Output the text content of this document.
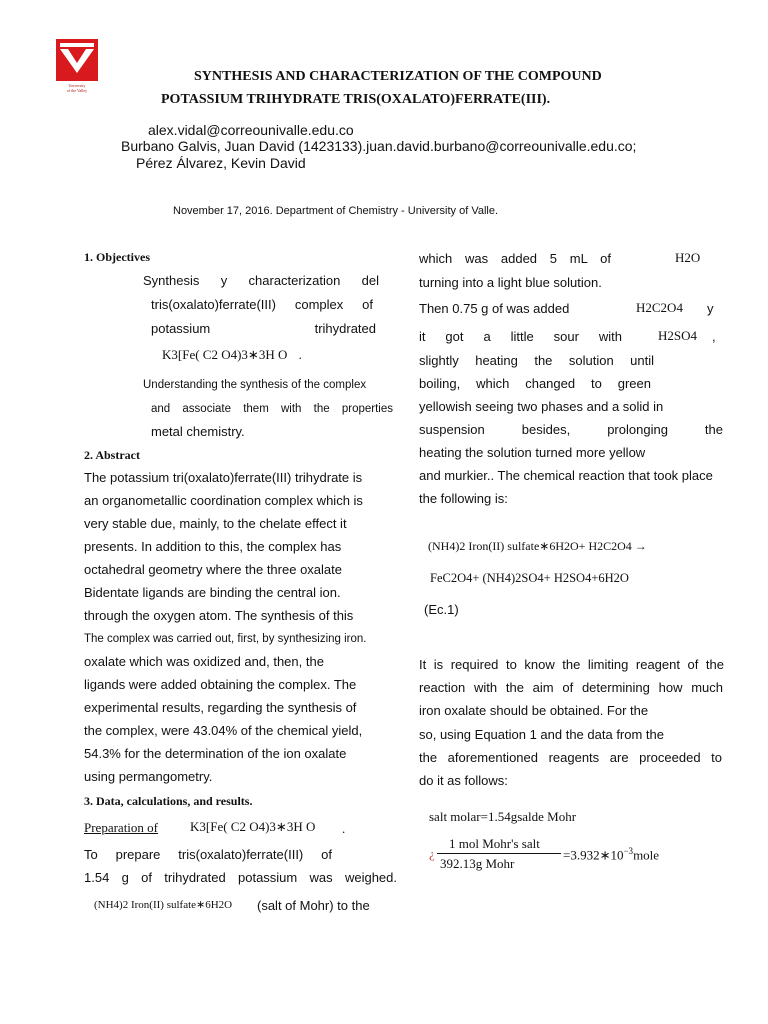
University
of the Valley
SYNTHESIS AND CHARACTERIZATION OF THE COMPOUND
POTASSIUM TRIHYDRATE TRIS(OXALATO)FERRATE(III).
alex.vidal@correounivalle.edu.co
Burbano Galvis, Juan David (1423133).juan.david.burbano@correounivalle.edu.co;
Pérez Álvarez, Kevin David
November 17, 2016. Department of Chemistry - University of Valle.
1. Objectives
Synthesis y characterization del
tris(oxalato)ferrate(III) complex of
potassium trihydrated
K3[Fe( C2 O4)3∗3H O .
Understanding the synthesis of the complex
and associate them with the properties
metal chemistry.
2. Abstract
The potassium tri(oxalato)ferrate(III) trihydrate is
an organometallic coordination complex which is
very stable due, mainly, to the chelate effect it
presents. In addition to this, the complex has
octahedral geometry where the three oxalate
Bidentate ligands are binding the central ion.
through the oxygen atom. The synthesis of this
The complex was carried out, first, by synthesizing iron.
oxalate which was oxidized and, then, the
ligands were added obtaining the complex. The
experimental results, regarding the synthesis of
the complex, were 43.04% of the chemical yield,
54.3% for the determination of the ion oxalate
using permangometry.
3. Data, calculations, and results.
Preparation of K3[Fe( C2 O4)3∗3H O .
To prepare tris(oxalato)ferrate(III) of
1.54 g of trihydrated potassium was weighed.
(NH4)2 Iron(II) sulfate∗6H2O (salt of Mohr) to the
which was added 5 mL of	H2O
turning into a light blue solution.
Then 0.75 g of was added	H2C2O4 y
it got a little sour with	H2SO4 ,
slightly heating the solution until
boiling, which changed to green
yellowish seeing two phases and a solid in
suspension besides, prolonging the
heating the solution turned more yellow
and murkier.. The chemical reaction that took place
the following is:
(NH4)2 Iron(II) sulfate∗6H2O+ H2C2O4 →
FeC2O4+ (NH4)2SO4+ H2SO4+6H2O
(Ec.1)
It is required to know the limiting reagent of the
reaction with the aim of determining how much
iron oxalate should be obtained. For the
so, using Equation 1 and the data from the
the aforementioned reagents are proceeded to
do it as follows:
salt molar=1.54gsalde Mohr
¿
1 mol Mohr's salt
392.13g Mohr
$=3.932∗10^{-3}mole$
